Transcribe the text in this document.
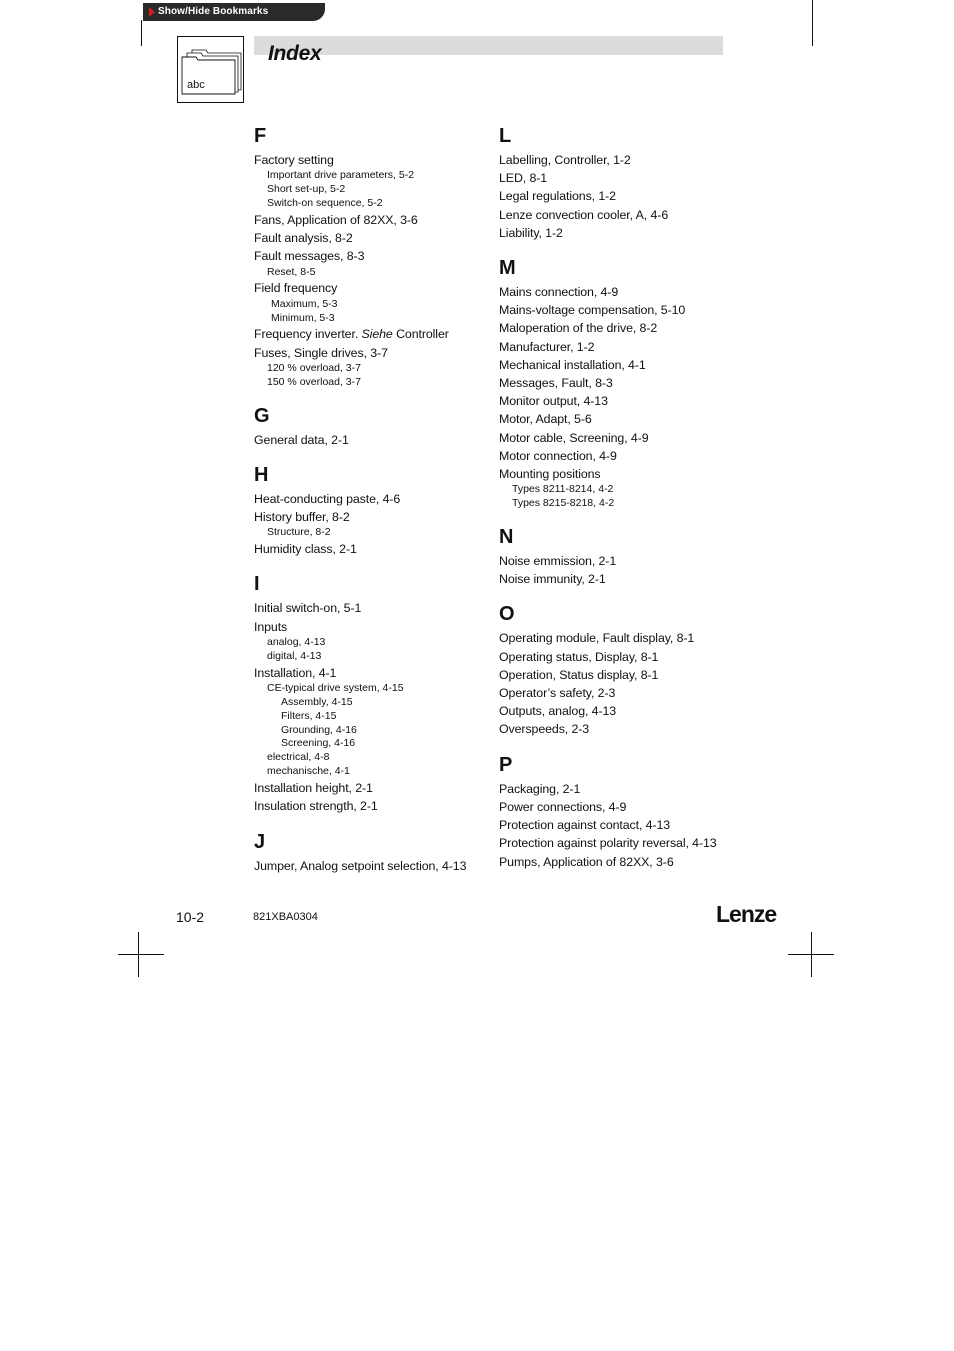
Show/Hide Bookmarks
abc
Index
F
Factory setting
Important drive parameters, 5-2
Short set-up, 5-2
Switch-on sequence, 5-2
Fans, Application of 82XX, 3-6
Fault analysis, 8-2
Fault messages, 8-3
Reset, 8-5
Field frequency
Maximum, 5-3
Minimum, 5-3
Frequency inverter. Siehe Controller
Fuses, Single drives, 3-7
120 % overload, 3-7
150 % overload, 3-7
G
General data, 2-1
H
Heat-conducting paste, 4-6
History buffer, 8-2
Structure, 8-2
Humidity class, 2-1
I
Initial switch-on, 5-1
Inputs
analog, 4-13
digital, 4-13
Installation, 4-1
CE-typical drive system, 4-15
Assembly, 4-15
Filters, 4-15
Grounding, 4-16
Screening, 4-16
electrical, 4-8
mechanische, 4-1
Installation height, 2-1
Insulation strength, 2-1
J
Jumper, Analog setpoint selection, 4-13
L
Labelling, Controller, 1-2
LED, 8-1
Legal regulations, 1-2
Lenze convection cooler, A, 4-6
Liability, 1-2
M
Mains connection, 4-9
Mains-voltage compensation, 5-10
Maloperation of the drive, 8-2
Manufacturer, 1-2
Mechanical installation, 4-1
Messages, Fault, 8-3
Monitor output, 4-13
Motor, Adapt, 5-6
Motor cable, Screening, 4-9
Motor connection, 4-9
Mounting positions
Types 8211-8214, 4-2
Types 8215-8218, 4-2
N
Noise emmission, 2-1
Noise immunity, 2-1
O
Operating module, Fault display, 8-1
Operating status, Display, 8-1
Operation, Status display, 8-1
Operator’s safety, 2-3
Outputs, analog, 4-13
Overspeeds, 2-3
P
Packaging, 2-1
Power connections, 4-9
Protection against contact, 4-13
Protection against polarity reversal, 4-13
Pumps, Application of 82XX, 3-6
10-2	821XBA0304	Lenze
